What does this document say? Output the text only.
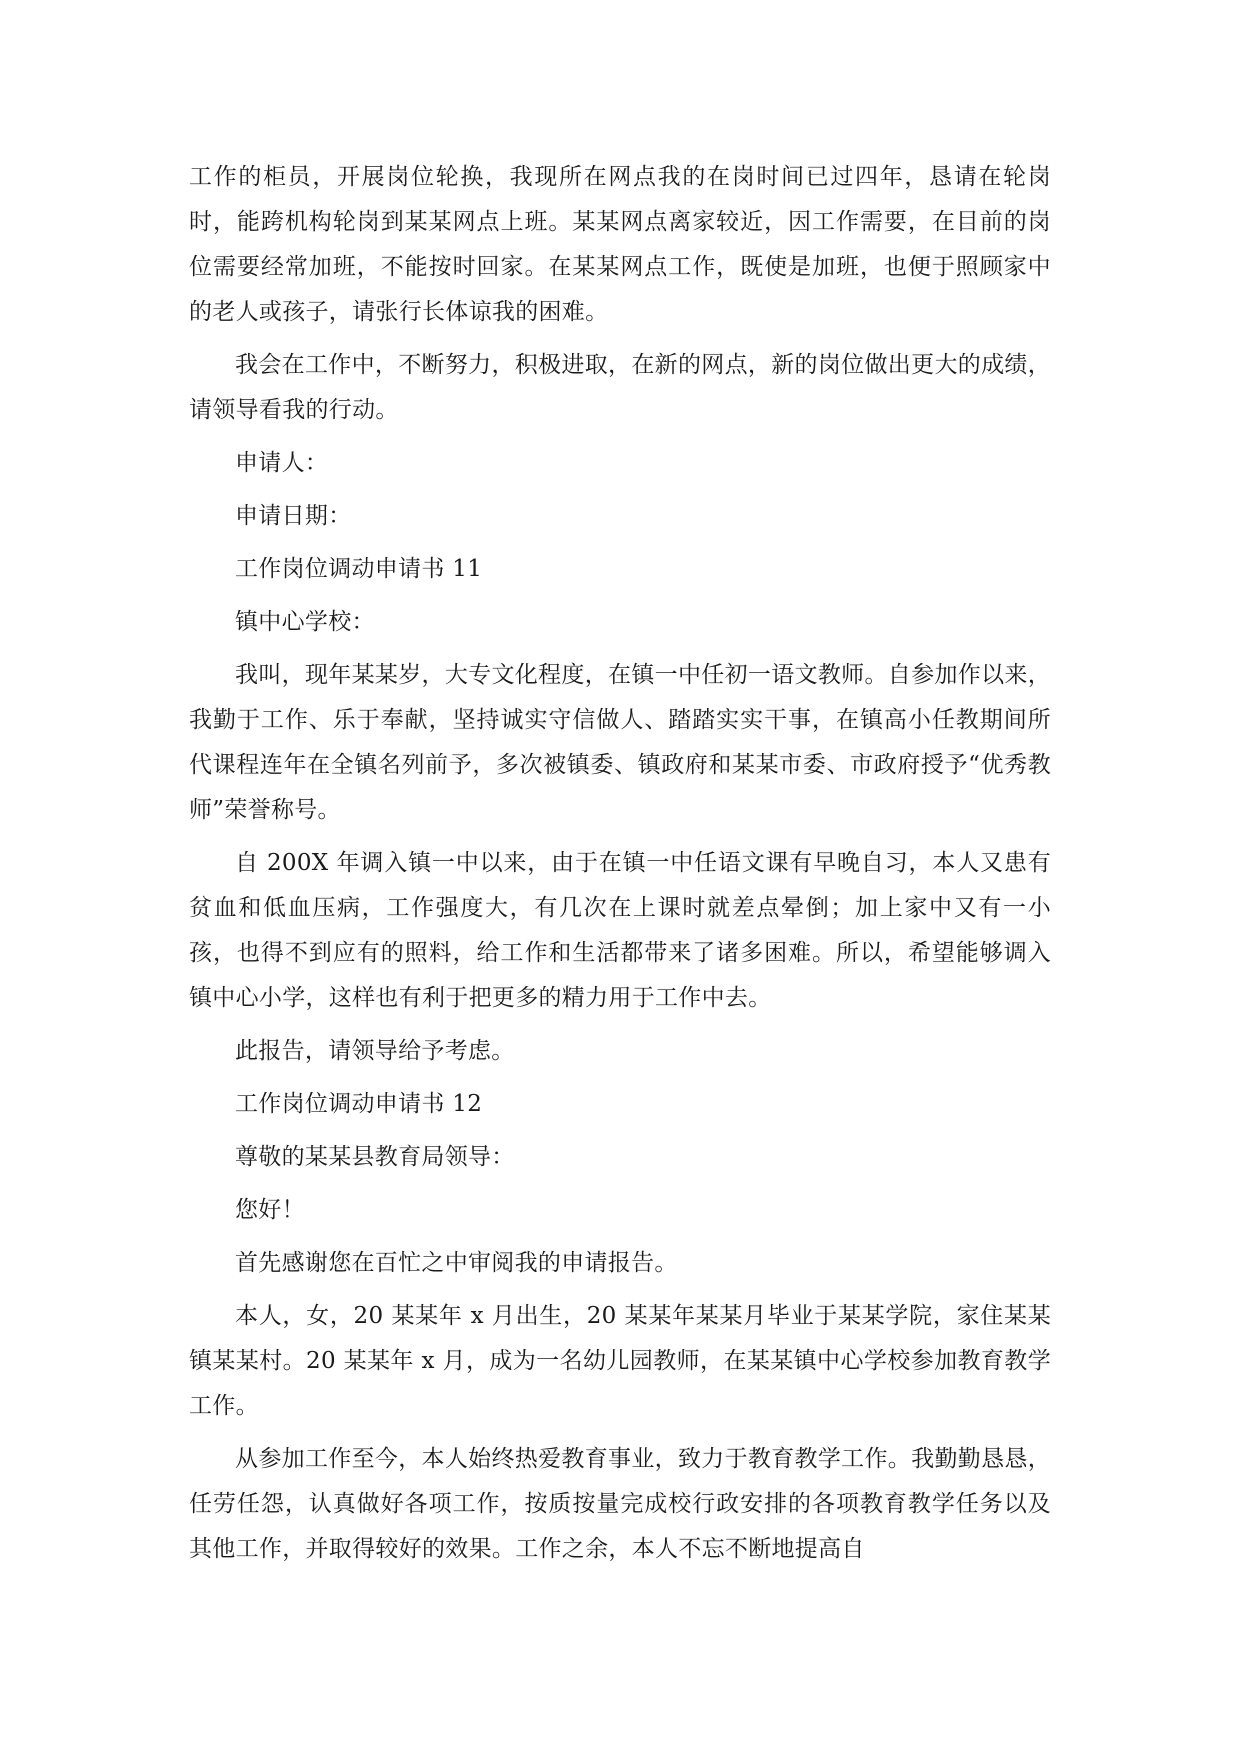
工作的柜员，开展岗位轮换，我现所在网点我的在岗时间已过四年，恳请在轮岗时，能跨机构轮岗到某某网点上班。某某网点离家较近，因工作需要，在目前的岗位需要经常加班，不能按时回家。在某某网点工作，既使是加班，也便于照顾家中的老人或孩子，请张行长体谅我的困难。

我会在工作中，不断努力，积极进取，在新的网点，新的岗位做出更大的成绩，请领导看我的行动。

申请人：

申请日期：

工作岗位调动申请书 11

镇中心学校：

我叫，现年某某岁，大专文化程度，在镇一中任初一语文教师。自参加作以来，我勤于工作、乐于奉献，坚持诚实守信做人、踏踏实实干事，在镇高小任教期间所代课程连年在全镇名列前予，多次被镇委、镇政府和某某市委、市政府授予“优秀教师”荣誉称号。

自 200X 年调入镇一中以来，由于在镇一中任语文课有早晚自习，本人又患有贫血和低血压病，工作强度大，有几次在上课时就差点晕倒；加上家中又有一小孩，也得不到应有的照料，给工作和生活都带来了诸多困难。所以，希望能够调入镇中心小学，这样也有利于把更多的精力用于工作中去。

此报告，请领导给予考虑。

工作岗位调动申请书 12

尊敬的某某县教育局领导：

您好！

首先感谢您在百忙之中审阅我的申请报告。

本人，女，20 某某年 x 月出生，20 某某年某某月毕业于某某学院，家住某某镇某某村。20 某某年 x 月，成为一名幼儿园教师，在某某镇中心学校参加教育教学工作。

从参加工作至今，本人始终热爱教育事业，致力于教育教学工作。我勤勤恳恳，任劳任怨，认真做好各项工作，按质按量完成校行政安排的各项教育教学任务以及其他工作，并取得较好的效果。工作之余，本人不忘不断地提高自
